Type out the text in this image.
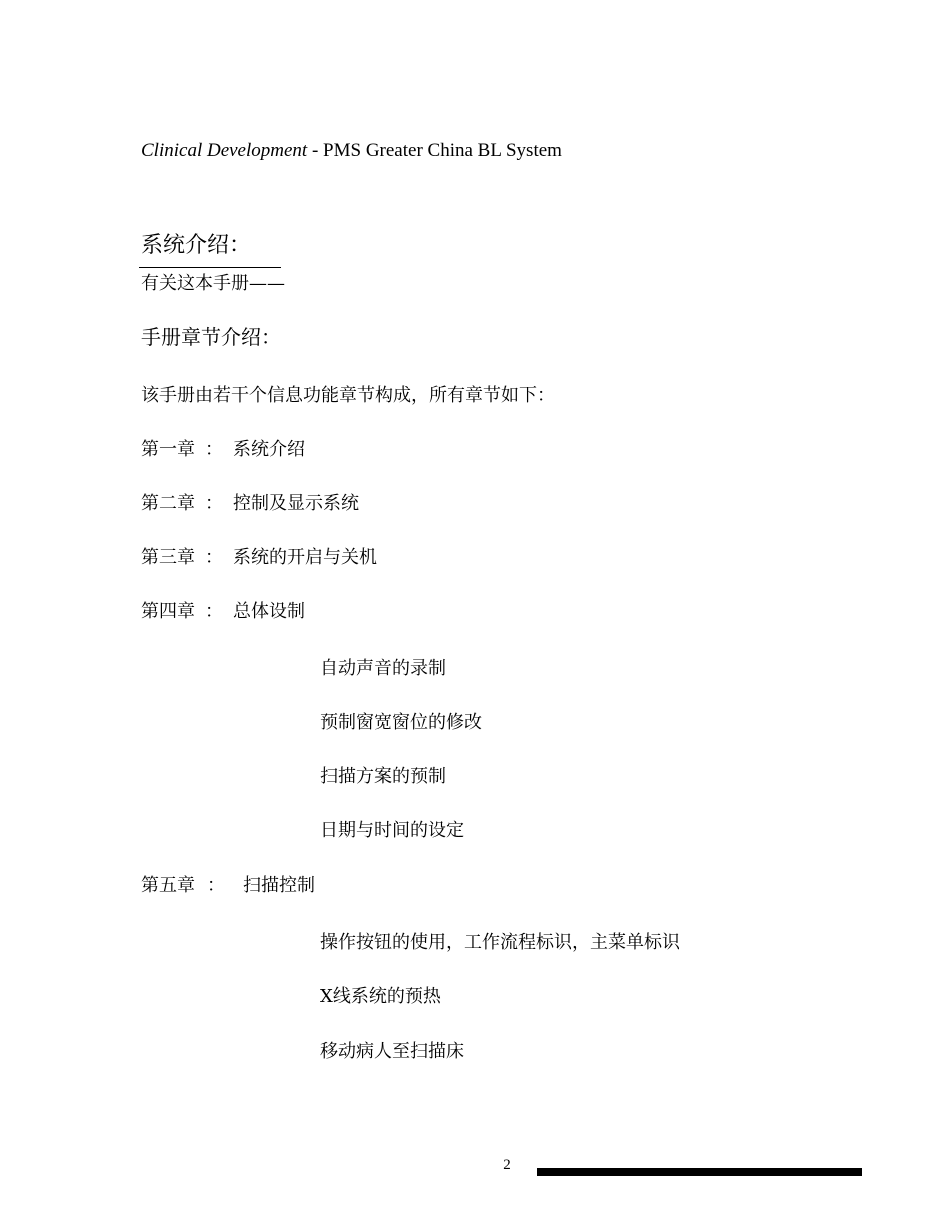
Clinical Development - PMS Greater China BL System
系统介绍：
有关这本手册——
手册章节介绍：
该手册由若干个信息功能章节构成，所有章节如下：
第一章 ： 系统介绍
第二章 ： 控制及显示系统
第三章 ： 系统的开启与关机
第四章 ： 总体设制
自动声音的录制
预制窗宽窗位的修改
扫描方案的预制
日期与时间的设定
第五章 ： 扫描控制
操作按钮的使用，工作流程标识，主菜单标识
X线系统的预热
移动病人至扫描床
2
